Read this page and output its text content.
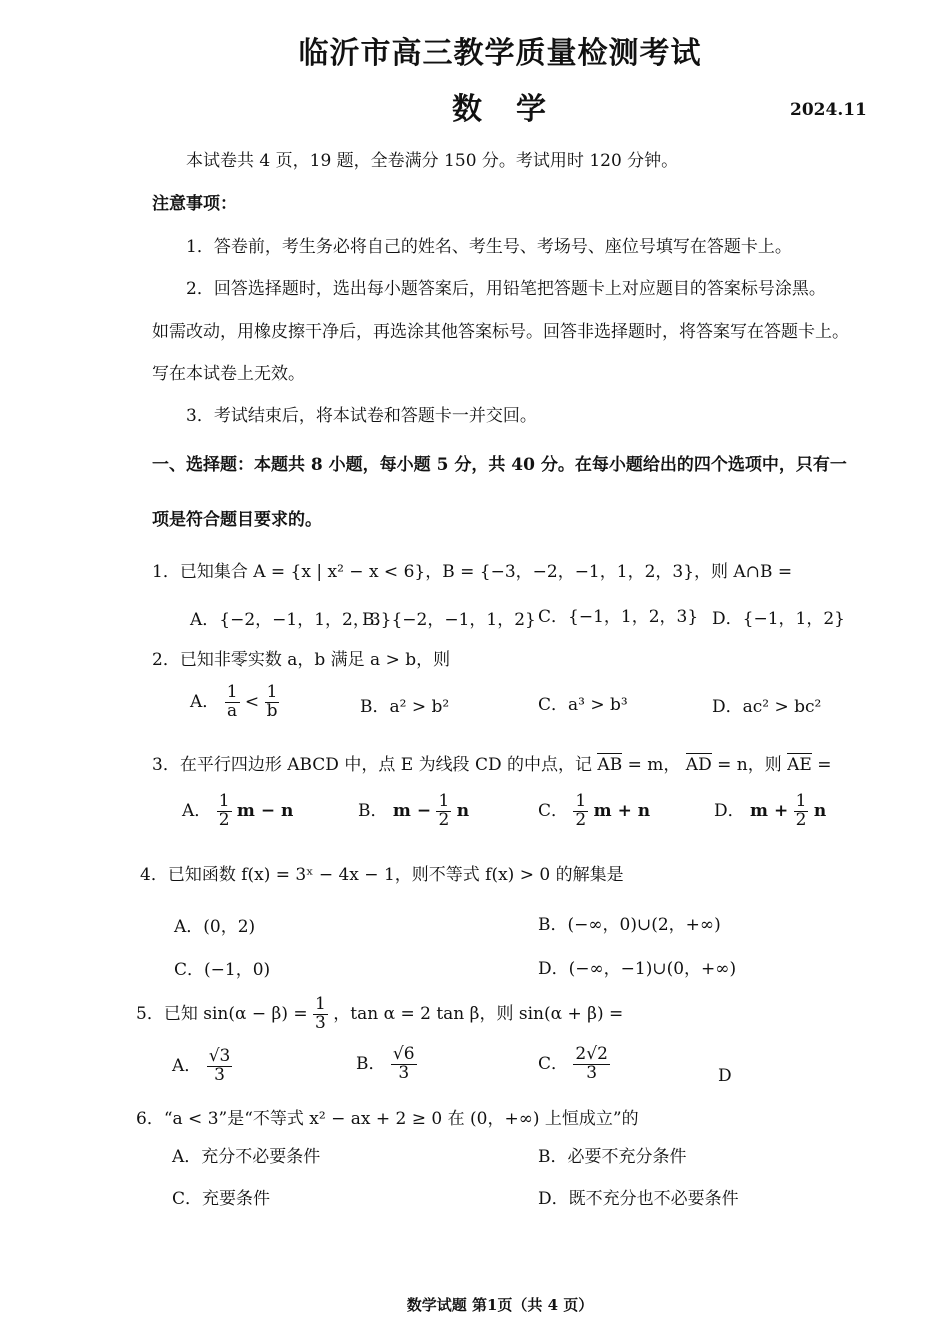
临沂市高三教学质量检测考试
数学	2024.11
本试卷共 4 页，19 题，全卷满分 150 分。考试用时 120 分钟。
注意事项：
1．答卷前，考生务必将自己的姓名、考生号、考场号、座位号填写在答题卡上。
2．回答选择题时，选出每小题答案后，用铅笔把答题卡上对应题目的答案标号涂黑。
如需改动，用橡皮擦干净后，再选涂其他答案标号。回答非选择题时，将答案写在答题卡上。
写在本试卷上无效。
3．考试结束后，将本试卷和答题卡一并交回。
一、选择题：本题共 8 小题，每小题 5 分，共 40 分。在每小题给出的四个选项中，只有一
项是符合题目要求的。
1．已知集合 A = {x | x² − x < 6}，B = {−3，−2，−1，1，2，3}，则 A∩B =
A．{−2，−1，1，2，3}
B．{−2，−1，1，2} C．{−1，1，2，3} D．{−1，1，2}
2．已知非零实数 a，b 满足 a > b，则
A． $\frac{1}{a} < \frac{1}{b}$	B．a² > b²	C．a³ > b³	D．ac² > bc²
3．在平行四边形 ABCD 中，点 E 为线段 CD 的中点，记 AB = m， AD = n，则 AE =
A． $\frac{1}{2}$ m − n	B． $m - \frac{1}{2}$ n	C． $\frac{1}{2}$ m + n	D． $m + \frac{1}{2}$ n
4．已知函数 f(x) = 3ˣ − 4x − 1，则不等式 f(x) > 0 的解集是
A．(0，2)	B．(−∞，0)∪(2，+∞)
C．(−1，0)	D．(−∞，−1)∪(0，+∞)
5．已知 $\sin(\alpha - \beta) = \frac{1}{3}$ ，tan α = 2 tan β，则 sin(α + β) =
A． $\frac{√3}{3}$	B． $\frac{√6}{3}$	C． $\frac{2√2}{3}$	D
6．“a < 3”是“不等式 x² − ax + 2 ≥ 0 在 (0，+∞) 上恒成立”的
A．充分不必要条件	B．必要不充分条件
C．充要条件	D．既不充分也不必要条件
数学试题 第1页（共 4 页）
